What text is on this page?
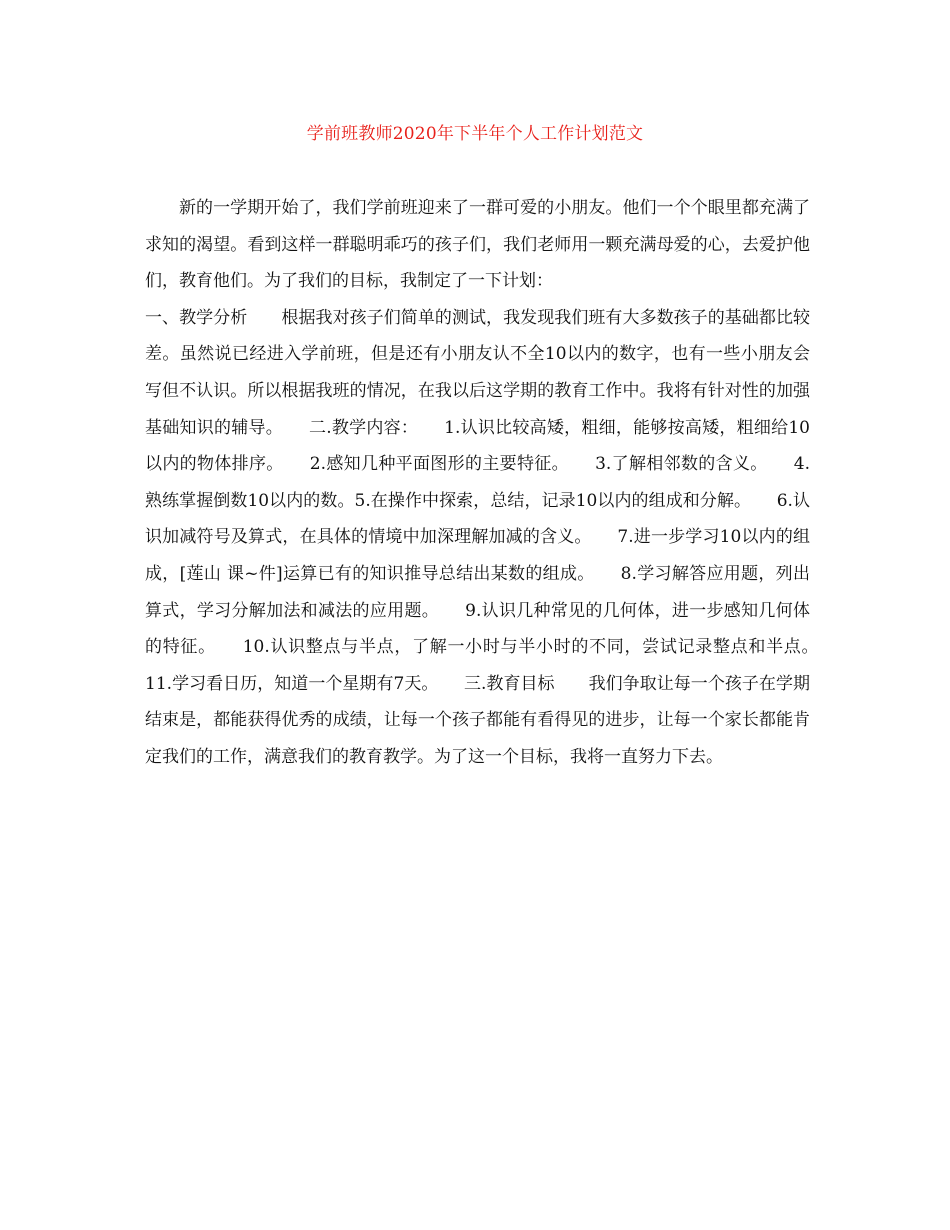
学前班教师2020年下半年个人工作计划范文

新的一学期开始了，我们学前班迎来了一群可爱的小朋友。他们一个个眼里都充满了求知的渴望。看到这样一群聪明乖巧的孩子们，我们老师用一颗充满母爱的心，去爱护他们，教育他们。为了我们的目标，我制定了一下计划：

一、教学分析　　根据我对孩子们简单的测试，我发现我们班有大多数孩子的基础都比较差。虽然说已经进入学前班，但是还有小朋友认不全10以内的数字，也有一些小朋友会写但不认识。所以根据我班的情况，在我以后这学期的教育工作中。我将有针对性的加强基础知识的辅导。　　二.教学内容：　　1.认识比较高矮，粗细，能够按高矮，粗细给10以内的物体排序。　　2.感知几种平面图形的主要特征。　　3.了解相邻数的含义。　　4. 熟练掌握倒数10以内的数。5.在操作中探索，总结，记录10以内的组成和分解。　　6.认识加减符号及算式，在具体的情境中加深理解加减的含义。　　7.进一步学习10以内的组成，[莲山 课~件]运算已有的知识推导总结出某数的组成。　　8.学习解答应用题，列出算式，学习分解加法和减法的应用题。　　9.认识几种常见的几何体，进一步感知几何体的特征。　　10.认识整点与半点，了解一小时与半小时的不同，尝试记录整点和半点。　　11.学习看日历，知道一个星期有7天。　　三.教育目标　　我们争取让每一个孩子在学期结束是，都能获得优秀的成绩，让每一个孩子都能有看得见的进步，让每一个家长都能肯定我们的工作，满意我们的教育教学。为了这一个目标，我将一直努力下去。
